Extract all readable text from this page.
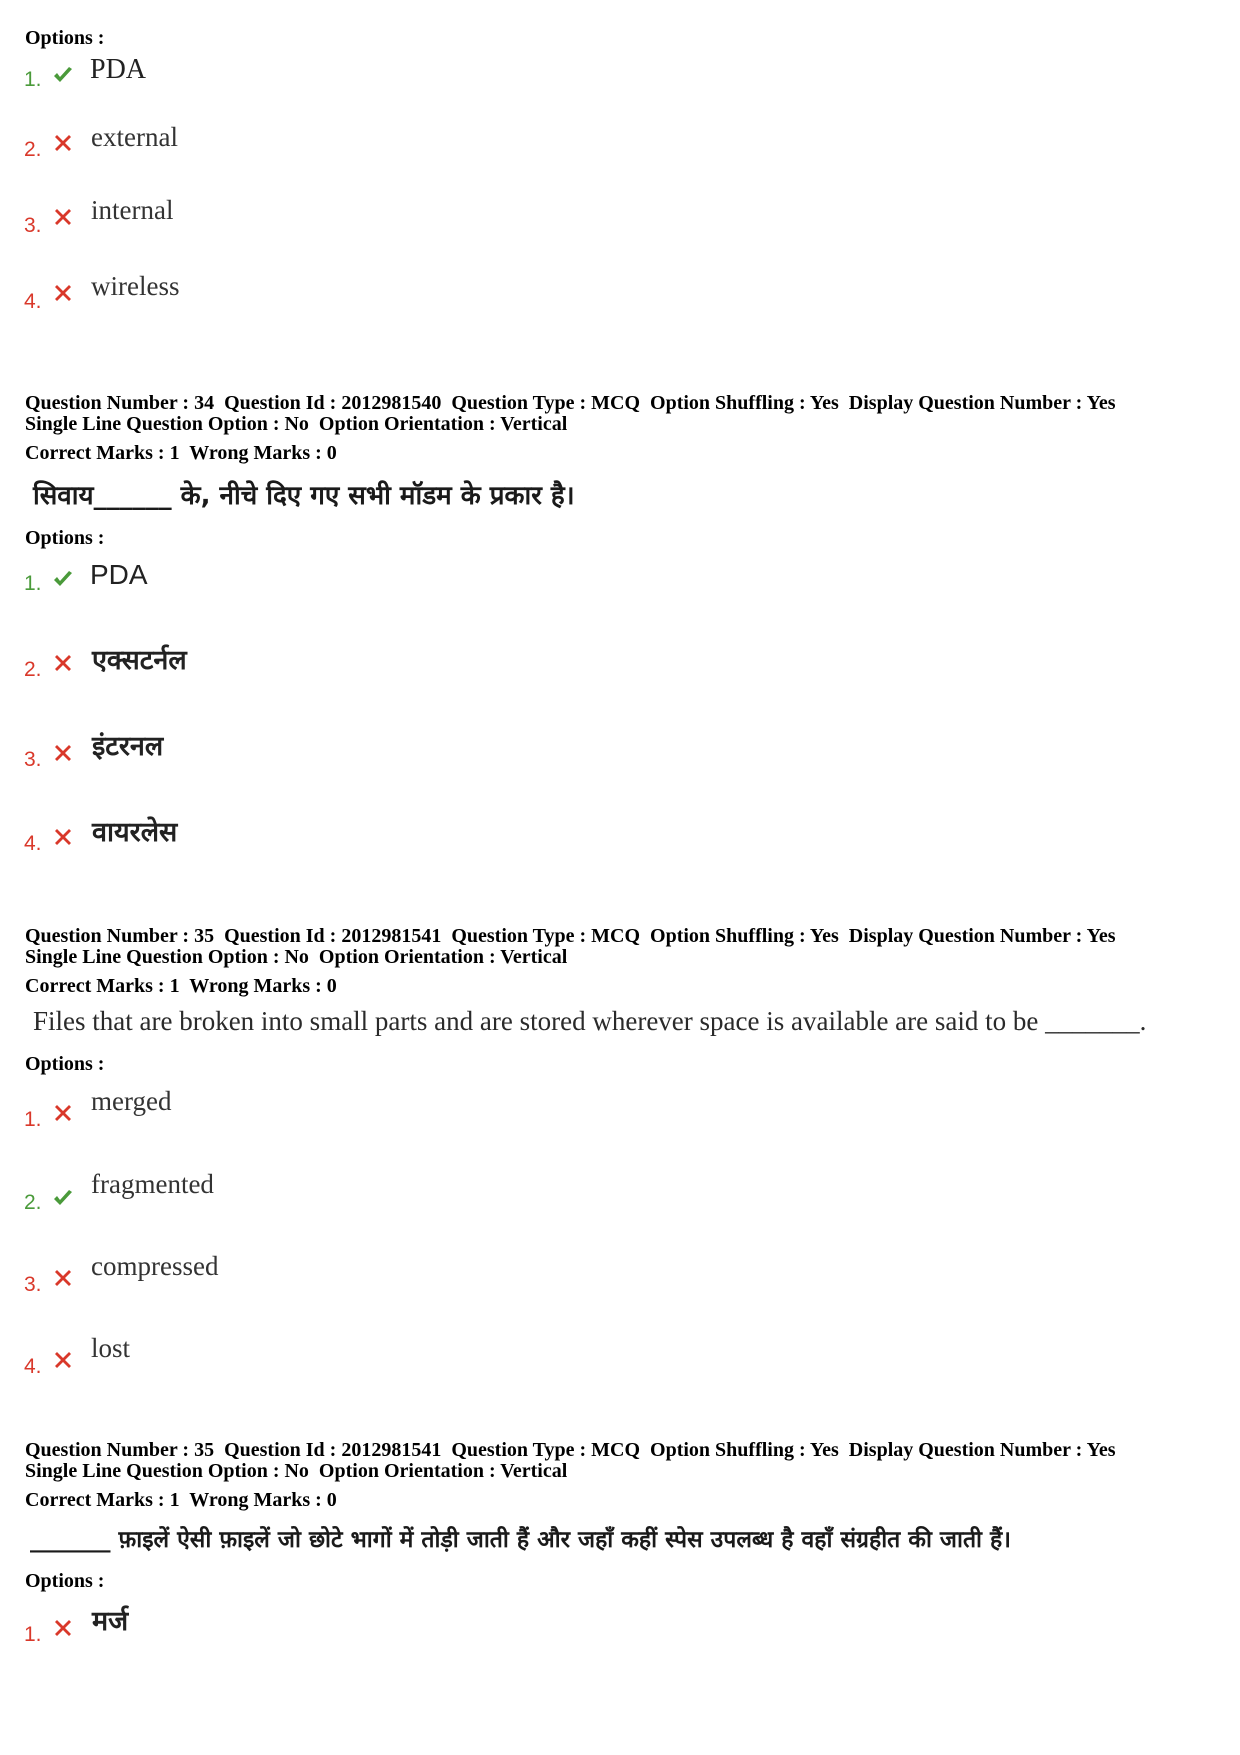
Options :
1. PDA
2. external
3.
internal
4.
wireless
Question Number : 34  Question Id : 2012981540  Question Type : MCQ  Option Shuffling : Yes  Display Question Number : Yes
Single Line Question Option : No  Option Orientation : Vertical
Correct Marks : 1  Wrong Marks : 0
सिवाय______ के, नीचे दिए गए सभी मॉडम के प्रकार है।
Options :
1. PDA
2. एक्सटर्नल
3. इंटरनल
4. वायरलेस
Question Number : 35  Question Id : 2012981541  Question Type : MCQ  Option Shuffling : Yes  Display Question Number : Yes
Single Line Question Option : No  Option Orientation : Vertical
Correct Marks : 1  Wrong Marks : 0
Files that are broken into small parts and are stored wherever space is available are said to be _______.
Options :
1.
merged
2.
fragmented
3.
compressed
4.
lost
Question Number : 35  Question Id : 2012981541  Question Type : MCQ  Option Shuffling : Yes  Display Question Number : Yes
Single Line Question Option : No  Option Orientation : Vertical
Correct Marks : 1  Wrong Marks : 0
_______ फ़ाइलें ऐसी फ़ाइलें जो छोटे भागों में तोड़ी जाती हैं और जहाँ कहीं स्पेस उपलब्ध है वहाँ संग्रहीत की जाती हैं।
Options :
1. मर्ज
